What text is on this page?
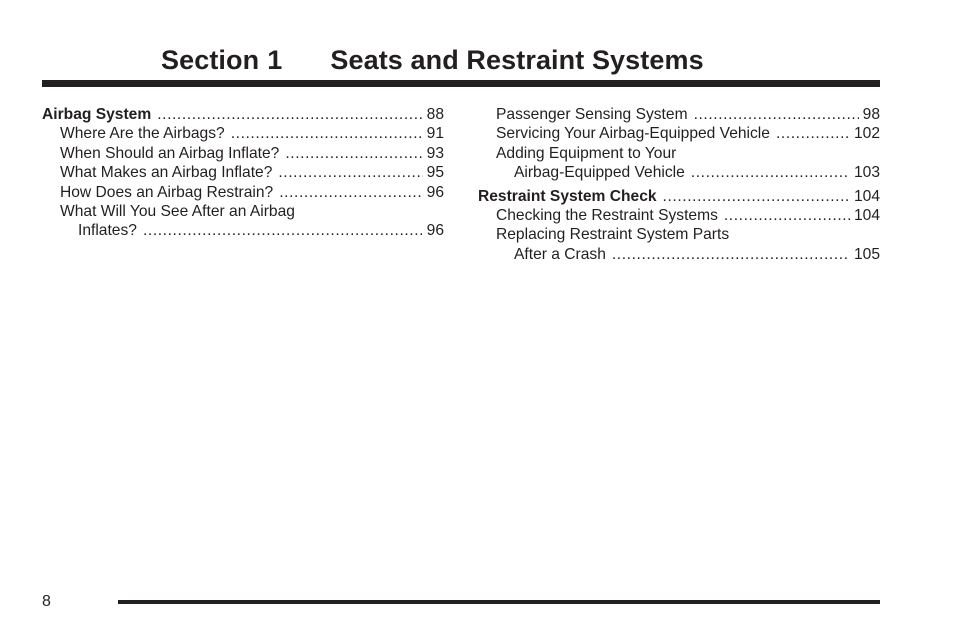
Section 1 Seats and Restraint Systems
Airbag System .....	88
Where Are the Airbags? .....	91
When Should an Airbag Inflate? .....	93
What Makes an Airbag Inflate? .....	95
How Does an Airbag Restrain? .....	96
What Will You See After an Airbag
Inflates? .....	96
Passenger Sensing System .....	98
Servicing Your Airbag-Equipped Vehicle .....	102
Adding Equipment to Your
Airbag-Equipped Vehicle .....	103
Restraint System Check .....	104
Checking the Restraint Systems .....	104
Replacing Restraint System Parts
After a Crash .....	105
8
